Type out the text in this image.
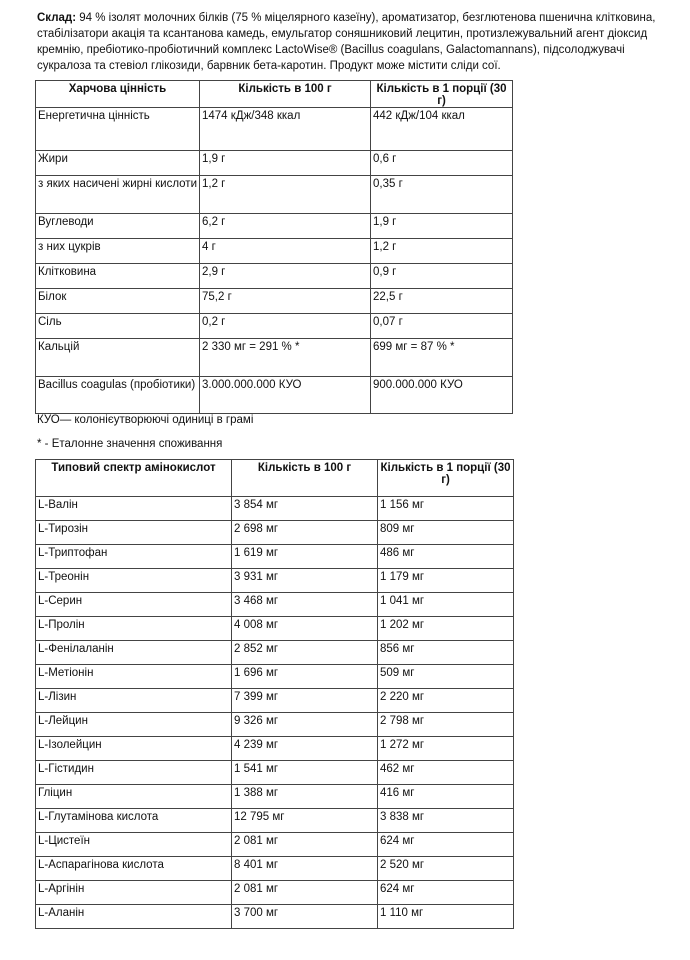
Склад: 94 % ізолят молочних білків (75 % міцелярного казеїну), ароматизатор, безглютенова пшенична клітковина, стабілізатори акація та ксантанова камедь, емульгатор соняшниковий лецитин, протизлежувальний агент діоксид кремнію, пребіотико-пробіотичний комплекс LactoWise® (Bacillus coagulans, Galactomannans), підсолоджувачі сукралоза та стевіол глікозиди, барвник бета-каротин. Продукт може містити сліди сої.
Харчова цінність	Кількість в 100 г	Кількість в 1 порції (30 г)
Енергетична цінність	1474 кДж/348 ккал	442 кДж/104 ккал
Жири	1,9 г	0,6 г
з яких насичені жирні кислоти	1,2 г	0,35 г
Вуглеводи	6,2 г	1,9 г
з них цукрів	4 г	1,2 г
Клітковина	2,9 г	0,9 г
Білок	75,2 г	22,5 г
Сіль	0,2 г	0,07 г
Кальцій	2 330 мг = 291 % *	699 мг = 87 % *
Bacillus coagulas (пробіотики)	3.000.000.000 КУО	900.000.000 КУО
КУО— колонієутворюючі одиниці в грамі
* - Еталонне значення споживання
Типовий спектр амінокислот	Кількість в 100 г	Кількість в 1 порції (30 г)
L-Валін	3 854 мг	1 156 мг
L-Тирозін	2 698 мг	809 мг
L-Триптофан	1 619 мг	486 мг
L-Треонін	3 931 мг	1 179 мг
L-Серин	3 468 мг	1 041 мг
L-Пролін	4 008 мг	1 202 мг
L-Фенілаланін	2 852 мг	856 мг
L-Метіонін	1 696 мг	509 мг
L-Лізин	7 399 мг	2 220 мг
L-Лейцин	9 326 мг	2 798 мг
L-Ізолейцин	4 239 мг	1 272 мг
L-Гістидин	1 541 мг	462 мг
Гліцин	1 388 мг	416 мг
L-Глутамінова кислота	12 795 мг	3 838 мг
L-Цистеїн	2 081 мг	624 мг
L-Аспарагінова кислота	8 401 мг	2 520 мг
L-Аргінін	2 081 мг	624 мг
L-Аланін	3 700 мг	1 110 мг
